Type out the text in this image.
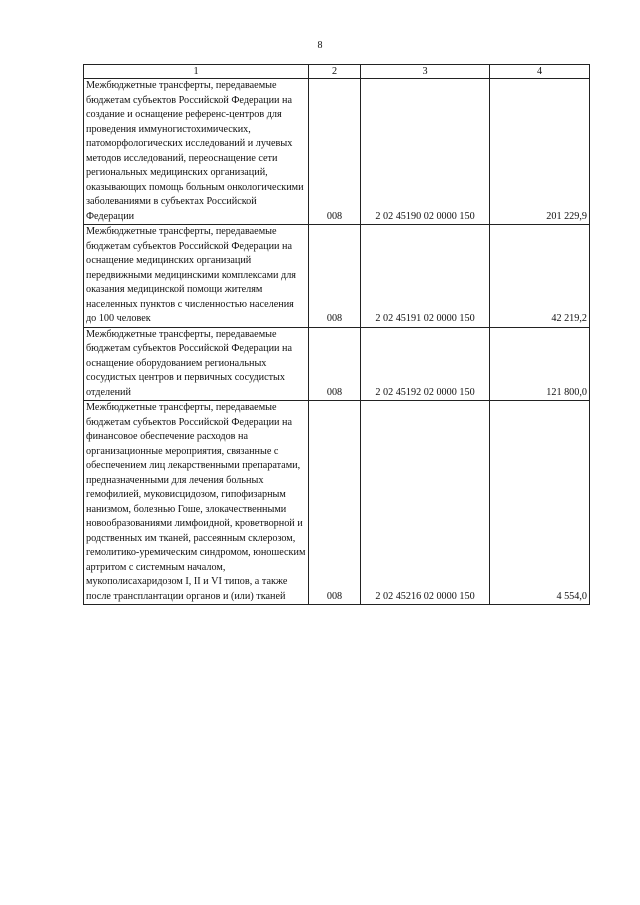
8
1	2	3	4
Межбюджетные трансферты, передаваемые бюджетам субъектов Российской Федерации на создание и оснащение референс-центров для проведения иммуногистохимических, патоморфологических исследований и лучевых методов исследований, переоснащение сети региональных медицинских организаций, оказывающих помощь больным онкологическими заболеваниями в субъектах Российской Федерации	008	2 02 45190 02 0000 150	201 229,9
Межбюджетные трансферты, передаваемые бюджетам субъектов Российской Федерации на оснащение медицинских организаций передвижными медицинскими комплексами для оказания медицинской помощи жителям населенных пунктов с численностью населения до 100 человек	008	2 02 45191 02 0000 150	42 219,2
Межбюджетные трансферты, передаваемые бюджетам субъектов Российской Федерации на оснащение оборудованием региональных сосудистых центров и первичных сосудистых отделений	008	2 02 45192 02 0000 150	121 800,0
Межбюджетные трансферты, передаваемые бюджетам субъектов Российской Федерации на финансовое обеспечение расходов на организационные мероприятия, связанные с обеспечением лиц лекарственными препаратами, предназначенными для лечения больных гемофилией, муковисцидозом, гипофизарным нанизмом, болезнью Гоше, злокачественными новообразованиями лимфоидной, кроветворной и родственных им тканей, рассеянным склерозом, гемолитико-уремическим синдромом, юношеским артритом с системным началом, мукополисахаридозом I, II и VI типов, а также после трансплантации органов и (или) тканей	008	2 02 45216 02 0000 150	4 554,0
